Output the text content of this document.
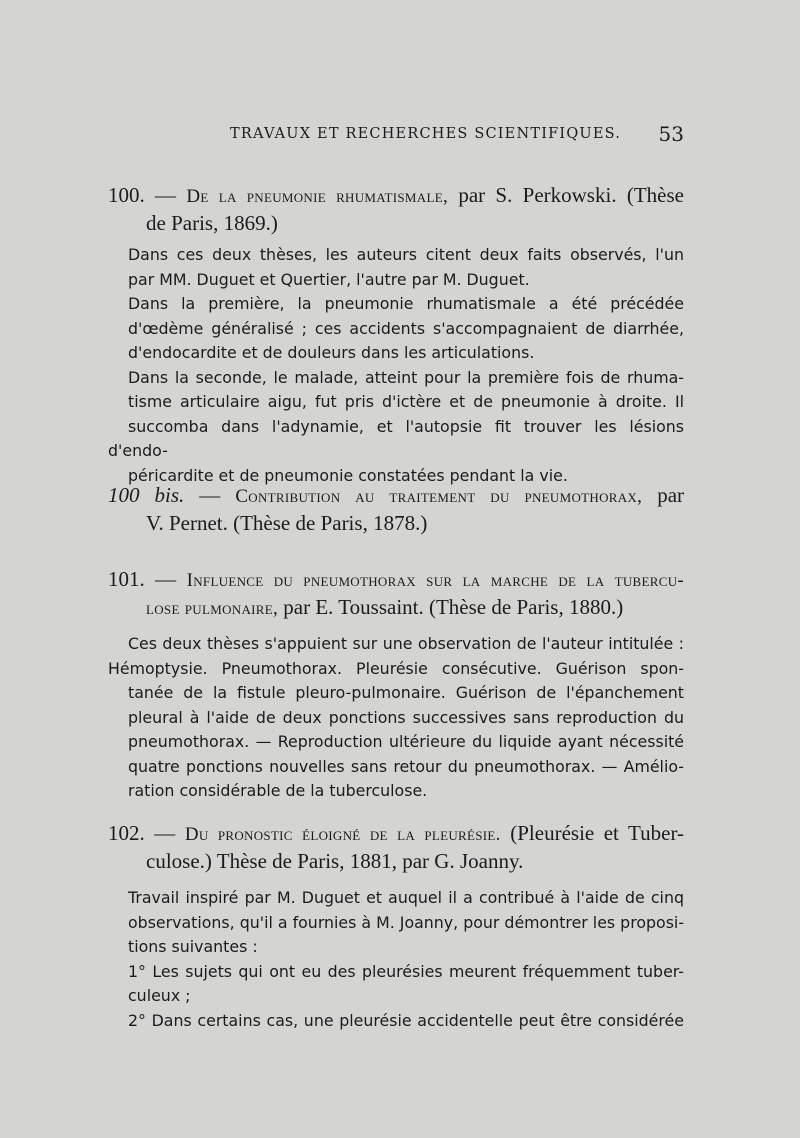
TRAVAUX ET RECHERCHES SCIENTIFIQUES. 53

100. — De la pneumonie rhumatismale, par S. Perkowski. (Thèse
de Paris, 1869.)

Dans ces deux thèses, les auteurs citent deux faits observés, l'un
par MM. Duguet et Quertier, l'autre par M. Duguet.

Dans la première, la pneumonie rhumatismale a été précédée
d'œdème généralisé ; ces accidents s'accompagnaient de diarrhée,
d'endocardite et de douleurs dans les articulations.

Dans la seconde, le malade, atteint pour la première fois de rhuma-
tisme articulaire aigu, fut pris d'ictère et de pneumonie à droite. Il
succomba dans l'adynamie, et l'autopsie fit trouver les lésions d'endo-
péricardite et de pneumonie constatées pendant la vie.

100 bis. — Contribution au traitement du pneumothorax, par
V. Pernet. (Thèse de Paris, 1878.)

101. — Influence du pneumothorax sur la marche de la tubercu-
lose pulmonaire, par E. Toussaint. (Thèse de Paris, 1880.)

Ces deux thèses s'appuient sur une observation de l'auteur intitulée :
Hémoptysie. Pneumothorax. Pleurésie consécutive. Guérison spon-
tanée de la fistule pleuro-pulmonaire. Guérison de l'épanchement
pleural à l'aide de deux ponctions successives sans reproduction du
pneumothorax. — Reproduction ultérieure du liquide ayant nécessité
quatre ponctions nouvelles sans retour du pneumothorax. — Amélio-
ration considérable de la tuberculose.

102. — Du pronostic éloigné de la pleurésie. (Pleurésie et Tuber-
culose.) Thèse de Paris, 1881, par G. Joanny.

Travail inspiré par M. Duguet et auquel il a contribué à l'aide de cinq
observations, qu'il a fournies à M. Joanny, pour démontrer les proposi-
tions suivantes :

1° Les sujets qui ont eu des pleurésies meurent fréquemment tuber-
culeux ;

2° Dans certains cas, une pleurésie accidentelle peut être considérée
